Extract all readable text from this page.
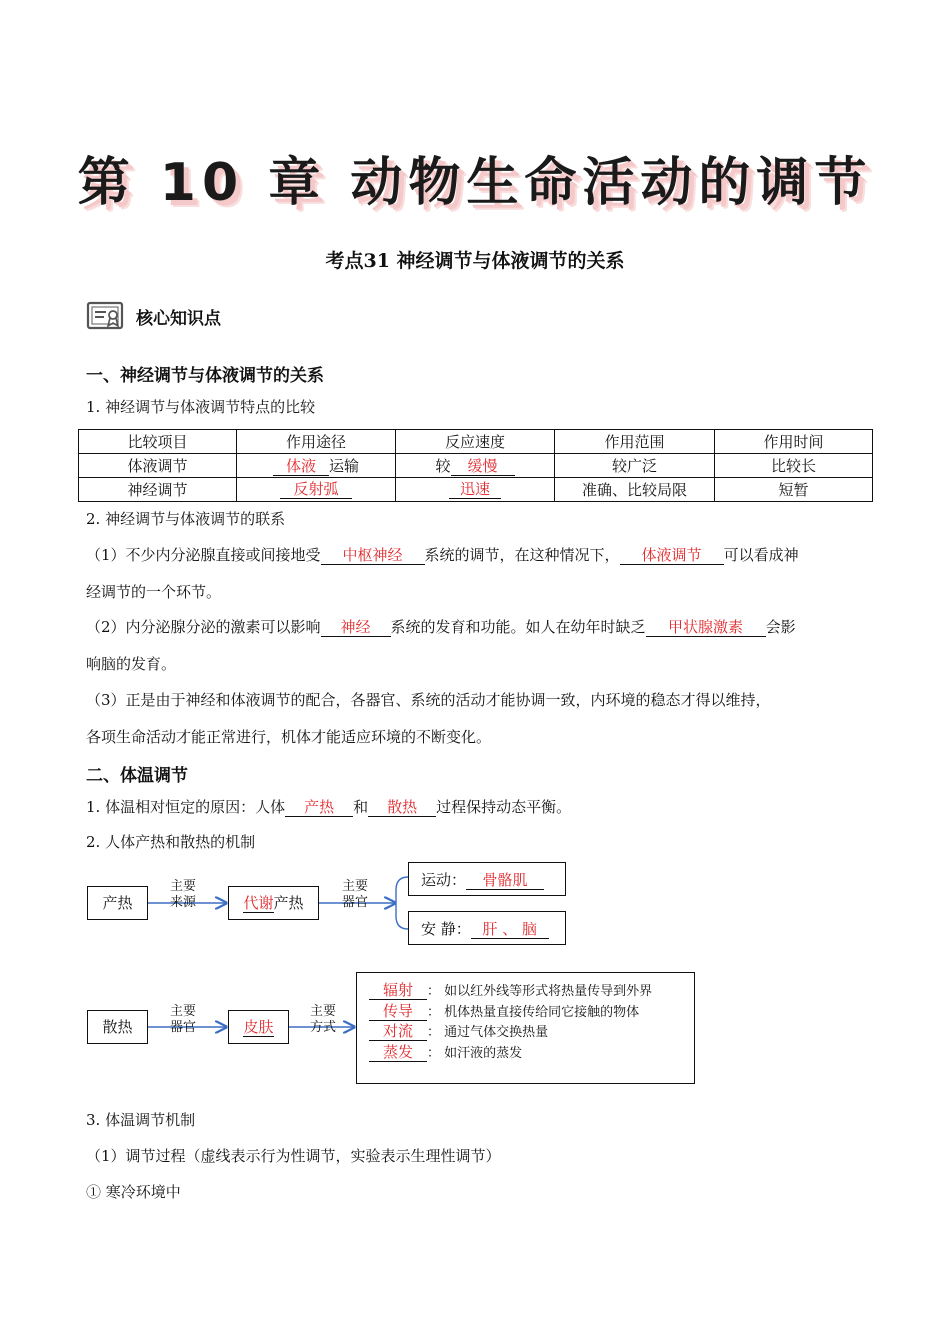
第 10 章 动物生命活动的调节
考点31 神经调节与体液调节的关系
核心知识点
一、神经调节与体液调节的关系
1. 神经调节与体液调节特点的比较
比较项目	作用途径	反应速度	作用范围	作用时间
体液调节	体液 运输	较 缓慢	较广泛	比较长
神经调节	反射弧	迅速	准确、比较局限	短暂
2. 神经调节与体液调节的联系
（1）不少内分泌腺直接或间接地受 中枢神经 系统的调节，在这种情况下， 体液调节 可以看成神
经调节的一个环节。
（2）内分泌腺分泌的激素可以影响 神经 系统的发育和功能。如人在幼年时缺乏 甲状腺激素 会影
响脑的发育。
（3）正是由于神经和体液调节的配合，各器官、系统的活动才能协调一致，内环境的稳态才得以维持，
各项生命活动才能正常进行，机体才能适应环境的不断变化。
二、体温调节
1. 体温相对恒定的原因：人体 产热 和 散热 过程保持动态平衡。
2. 人体产热和散热的机制
产热
主要
来源	代谢产热
主要
器官
运动： 骨骼肌
安 静： 肝 、 脑
散热
主要
器官	皮肤
主要
方式
辐射 ： 如以红外线等形式将热量传导到外界
传导 ： 机体热量直接传给同它接触的物体
对流 ： 通过气体交换热量
蒸发 ： 如汗液的蒸发
3. 体温调节机制
（1）调节过程（虚线表示行为性调节，实验表示生理性调节）
① 寒冷环境中
